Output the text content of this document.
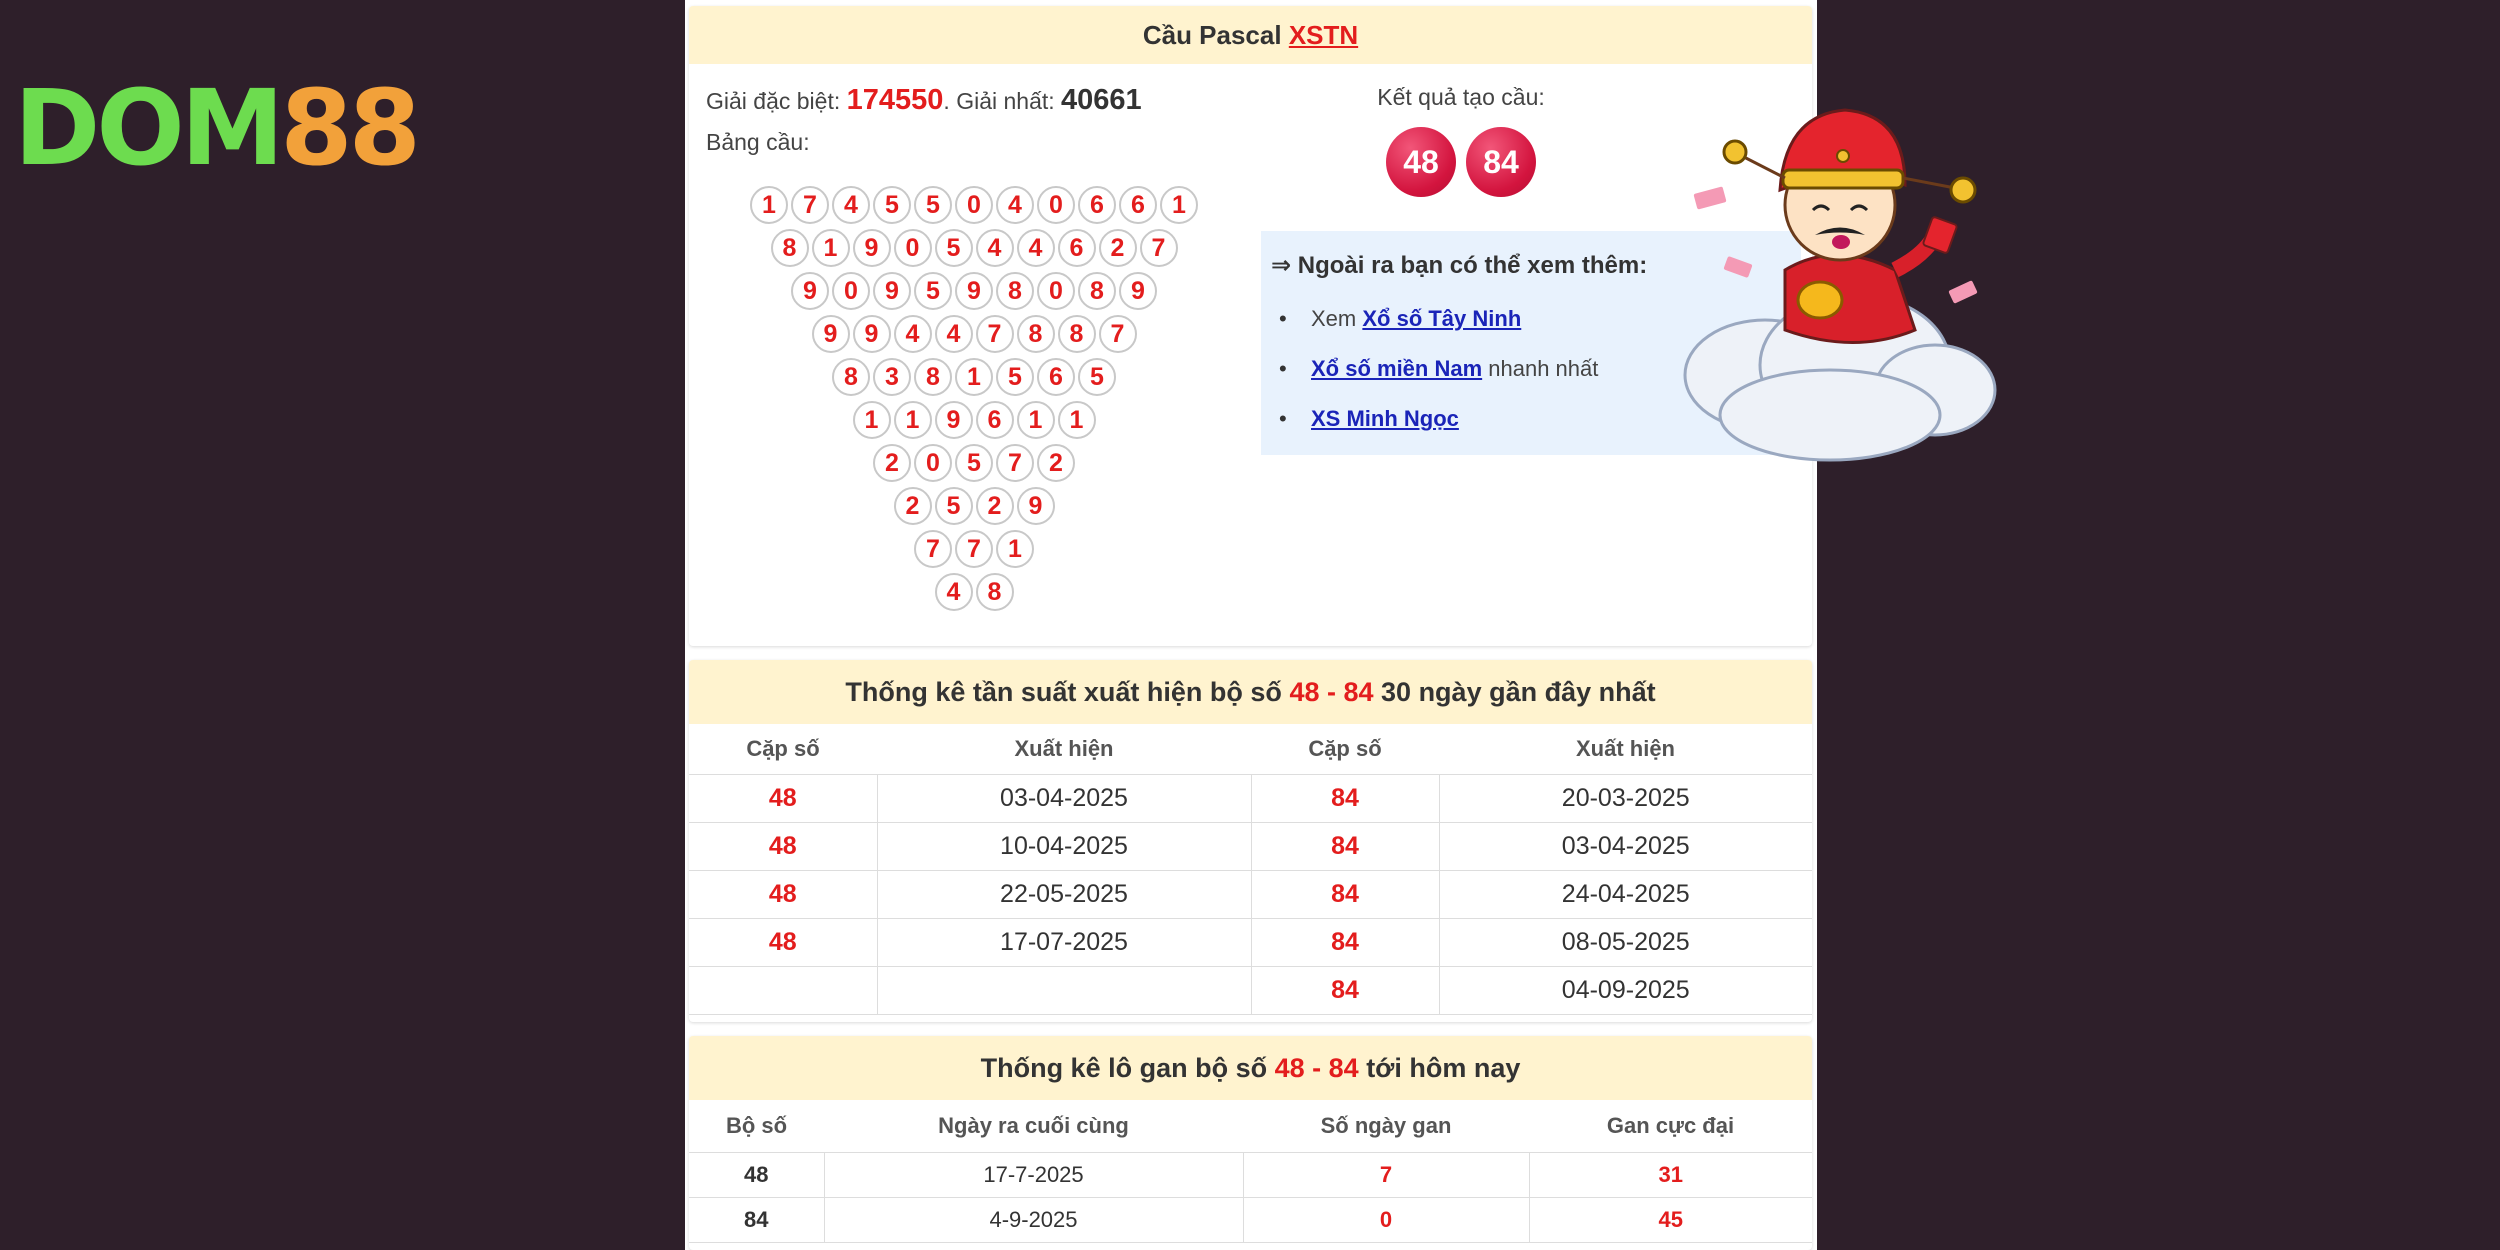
DOM 88
Cầu Pascal XSTN
Giải đặc biệt: 174550. Giải nhất: 40661
Bảng cầu:
1	7	4	5	5	0	4	0	6	6	1
8	1	9	0	5	4	4	6	2	7
9	0	9	5	9	8	0	8	9
9	9	4	4	7	8	8	7
8	3	8	1	5	6	5
1	1	9	6	1	1
2	0	5	7	2
2	5	2	9
7	7	1
4	8
Kết quả tạo cầu:
48	84
⇒ Ngoài ra bạn có thể xem thêm:
• Xem Xổ số Tây Ninh
• Xổ số miền Nam nhanh nhất
• XS Minh Ngọc
Thống kê tần suất xuất hiện bộ số 48 - 84 30 ngày gần đây nhất
Cặp số	Xuất hiện	Cặp số	Xuất hiện
48	03-04-2025	84	20-03-2025
48	10-04-2025	84	03-04-2025
48	22-05-2025	84	24-04-2025
48	17-07-2025	84	08-05-2025
		84	04-09-2025
Thống kê lô gan bộ số 48 - 84 tới hôm nay
Bộ số	Ngày ra cuối cùng	Số ngày gan	Gan cực đại
48	17-7-2025	7	31
84	4-9-2025	0	45
